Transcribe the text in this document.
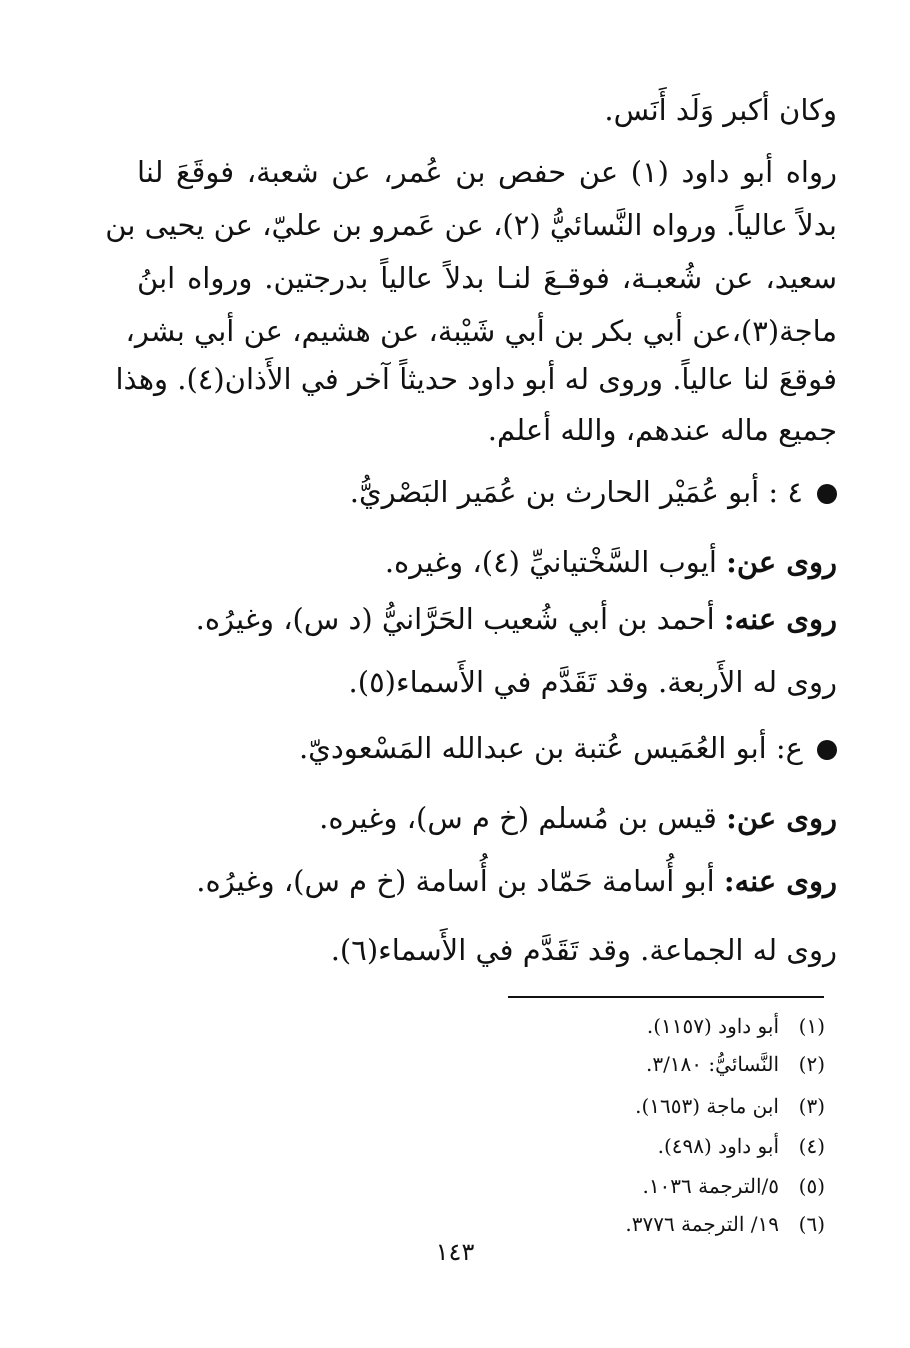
وكان أكبر وَلَد أَنَس.
رواه أبو داود (١) عن حفص بن عُمر، عن شعبة، فوقَعَ لنا
بدلاً عالياً. ورواه النَّسائيُّ (٢)، عن عَمرو بن عليّ، عن يحيى بن
سعيد، عن شُعبـة، فوقـعَ لنـا بدلاً عالياً بدرجتين. ورواه ابنُ
ماجة(٣)،عن أبي بكر بن أبي شَيْبة، عن هشيم، عن أبي بشر،
فوقعَ لنا عالياً. وروى له أبو داود حديثاً آخر في الأَذان(٤). وهذا
جميع ماله عندهم، والله أعلم.
٤ : أبو عُمَيْر الحارث بن عُمَير البَصْريُّ.
روى عن: أيوب السَّخْتيانيِّ (٤)، وغيره.
روى عنه: أحمد بن أبي شُعيب الحَرَّانيُّ (د س)، وغيرُه.
روى له الأَربعة. وقد تَقَدَّم في الأَسماء(٥).
ع: أبو العُمَيس عُتبة بن عبدالله المَسْعوديّ.
روى عن: قيس بن مُسلم (خ م س)، وغيره.
روى عنه: أبو أُسامة حَمّاد بن أُسامة (خ م س)، وغيرُه.
روى له الجماعة. وقد تَقَدَّم في الأَسماء(٦).
(١)أبو داود (١١٥٧).
(٢)النَّسائيُّ: ٣/١٨٠.
(٣)ابن ماجة (١٦٥٣).
(٤)أبو داود (٤٩٨).
(٥)٥/الترجمة ١٠٣٦.
(٦)١٩/ الترجمة ٣٧٧٦.
١٤٣
